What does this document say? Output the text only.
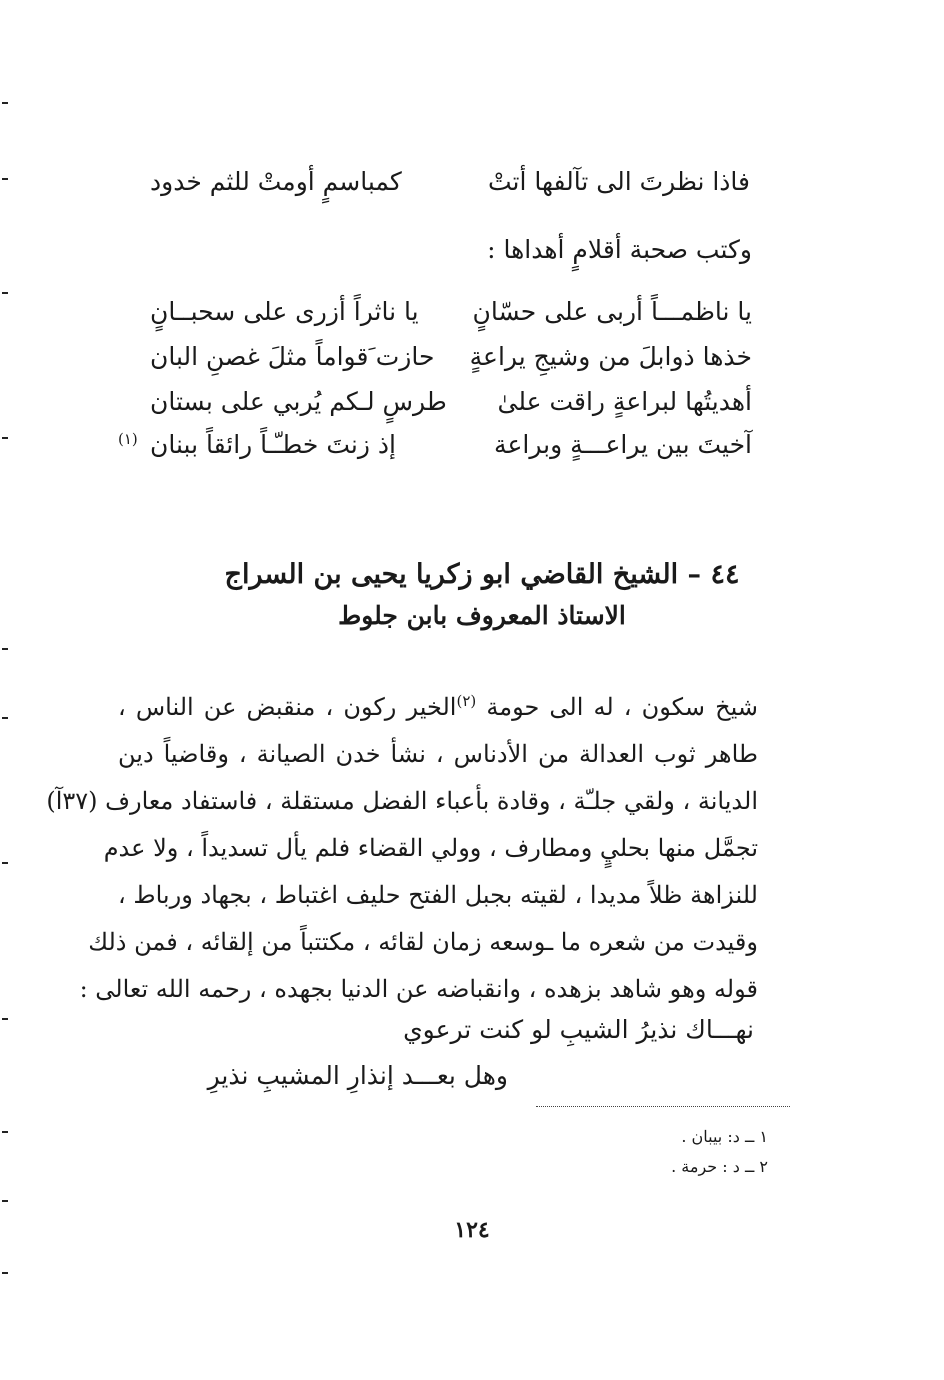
فاذا نظرتَ الى تآلفها أتتْ
كمباسمٍ أومتْ للثم خدود
وكتب صحبة أقلامٍ أهداها :
يا ناظمـــاً أربى على حسّانٍ
يا ناثراً أزرى على سحبــانٍ
خذها ذوابلَ من وشيجِ يراعةٍ
حازت َقواماً مثلَ غصنِ البان
أهديتُها لبراعةٍ راقت علىٰ
طرسٍ لـكم يُربي على بستان
آخيتَ بين يراعـــةٍ وبراعة
إذ زنتَ خطـّـاً رائقاً ببنان
(١)
٤٤ – الشيخ القاضي ابو زكريا يحيى بن السراج
الاستاذ المعروف بابن جلوط
شيخ سكون ، له الى حومة $^{(٢)}$الخير ركون ، منقبض عن الناس ،
طاهر ثوب العدالة من الأدناس ، نشأ خدن الصيانة ، وقاضياً دين
الديانة ، ولقي جلـّة ، وقادة بأعباء الفضل مستقلة ، فاستفاد معارف (٣٧آ)
تجمَّل منها بحليٍ ومطارف ، وولي القضاء فلم يأل تسديداً ، ولا عدم
للنزاهة ظلاً مديدا ، لقيته بجبل الفتح حليف اغتباط ، بجهاد ورباط ،
وقيدت من شعره ما ـوسعه زمان لقائه ، مكتتباً من إلقائه ، فمن ذلك
قوله وهو شاهد بزهده ، وانقباضه عن الدنيا بجهده ، رحمه الله تعالى :
نهـــاك نذيرُ الشيبِ لو كنت ترعوي
وهل بعـــد إنذارِ المشيبِ نذيرِ
١ ــ د: بيبان .
٢ ــ د : حرمة .
١٢٤
